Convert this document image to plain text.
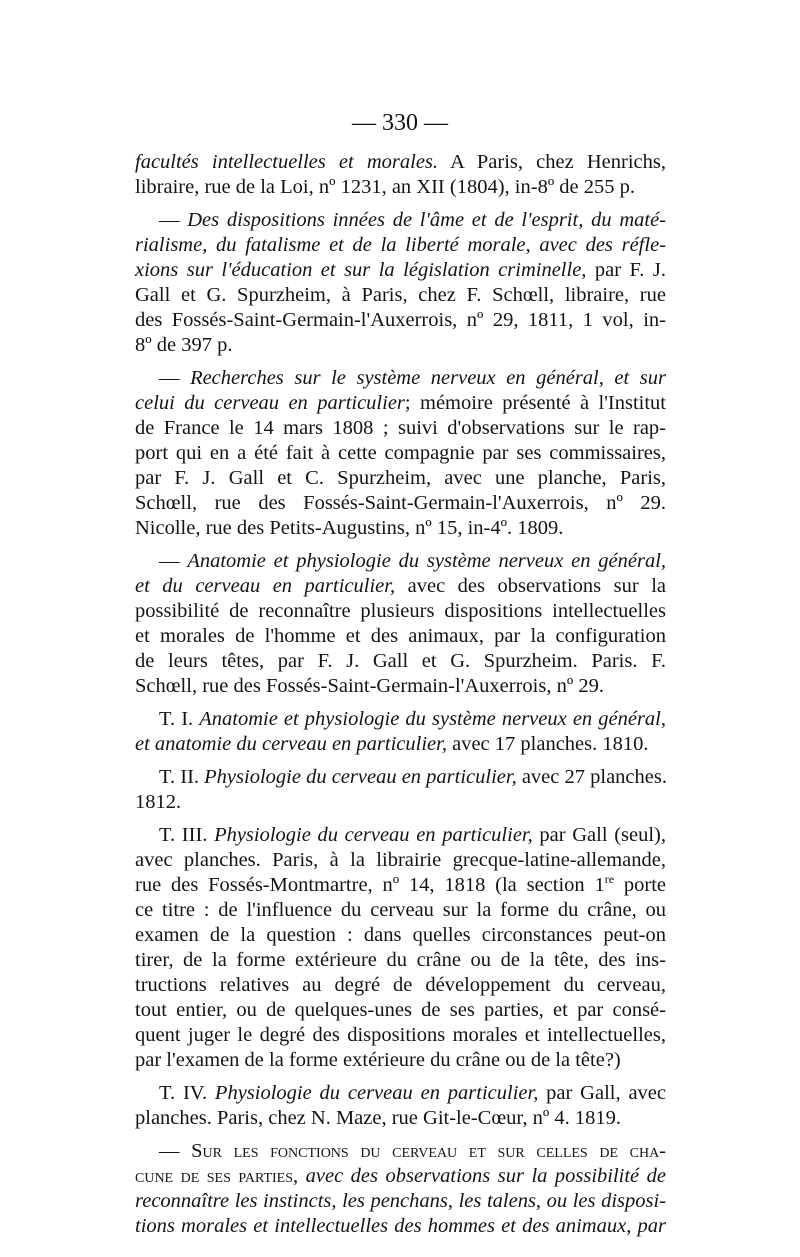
— 330 —

facultés intellectuelles et morales. A Paris, chez Henrichs,
libraire, rue de la Loi, nº 1231, an XII (1804), in-8º de 255 p.

— Des dispositions innées de l'âme et de l'esprit, du maté-
rialisme, du fatalisme et de la liberté morale, avec des réfle-
xions sur l'éducation et sur la législation criminelle, par F. J.
Gall et G. Spurzheim, à Paris, chez F. Schœll, libraire, rue
des Fossés-Saint-Germain-l'Auxerrois, nº 29, 1811, 1 vol, in-
8º de 397 p.

— Recherches sur le système nerveux en général, et sur
celui du cerveau en particulier; mémoire présenté à l'Institut
de France le 14 mars 1808 ; suivi d'observations sur le rap-
port qui en a été fait à cette compagnie par ses commissaires,
par F. J. Gall et C. Spurzheim, avec une planche, Paris,
Schœll, rue des Fossés-Saint-Germain-l'Auxerrois, nº 29.
Nicolle, rue des Petits-Augustins, nº 15, in-4º. 1809.

— Anatomie et physiologie du système nerveux en général,
et du cerveau en particulier, avec des observations sur la
possibilité de reconnaître plusieurs dispositions intellectuelles
et morales de l'homme et des animaux, par la configuration
de leurs têtes, par F. J. Gall et G. Spurzheim. Paris. F.
Schœll, rue des Fossés-Saint-Germain-l'Auxerrois, nº 29.

T. I. Anatomie et physiologie du système nerveux en général,
et anatomie du cerveau en particulier, avec 17 planches. 1810.

T. II. Physiologie du cerveau en particulier, avec 27 planches.
1812.

T. III. Physiologie du cerveau en particulier, par Gall (seul),
avec planches. Paris, à la librairie grecque-latine-allemande,
rue des Fossés-Montmartre, nº 14, 1818 (la section 1re porte
ce titre : de l'influence du cerveau sur la forme du crâne, ou
examen de la question : dans quelles circonstances peut-on
tirer, de la forme extérieure du crâne ou de la tête, des ins-
tructions relatives au degré de développement du cerveau,
tout entier, ou de quelques-unes de ses parties, et par consé-
quent juger le degré des dispositions morales et intellectuelles,
par l'examen de la forme extérieure du crâne ou de la tête?)

T. IV. Physiologie du cerveau en particulier, par Gall, avec
planches. Paris, chez N. Maze, rue Git-le-Cœur, nº 4. 1819.

— Sur les fonctions du cerveau et sur celles de cha-
cune de ses parties, avec des observations sur la possibilité de
reconnaître les instincts, les penchans, les talens, ou les disposi-
tions morales et intellectuelles des hommes et des animaux, par
